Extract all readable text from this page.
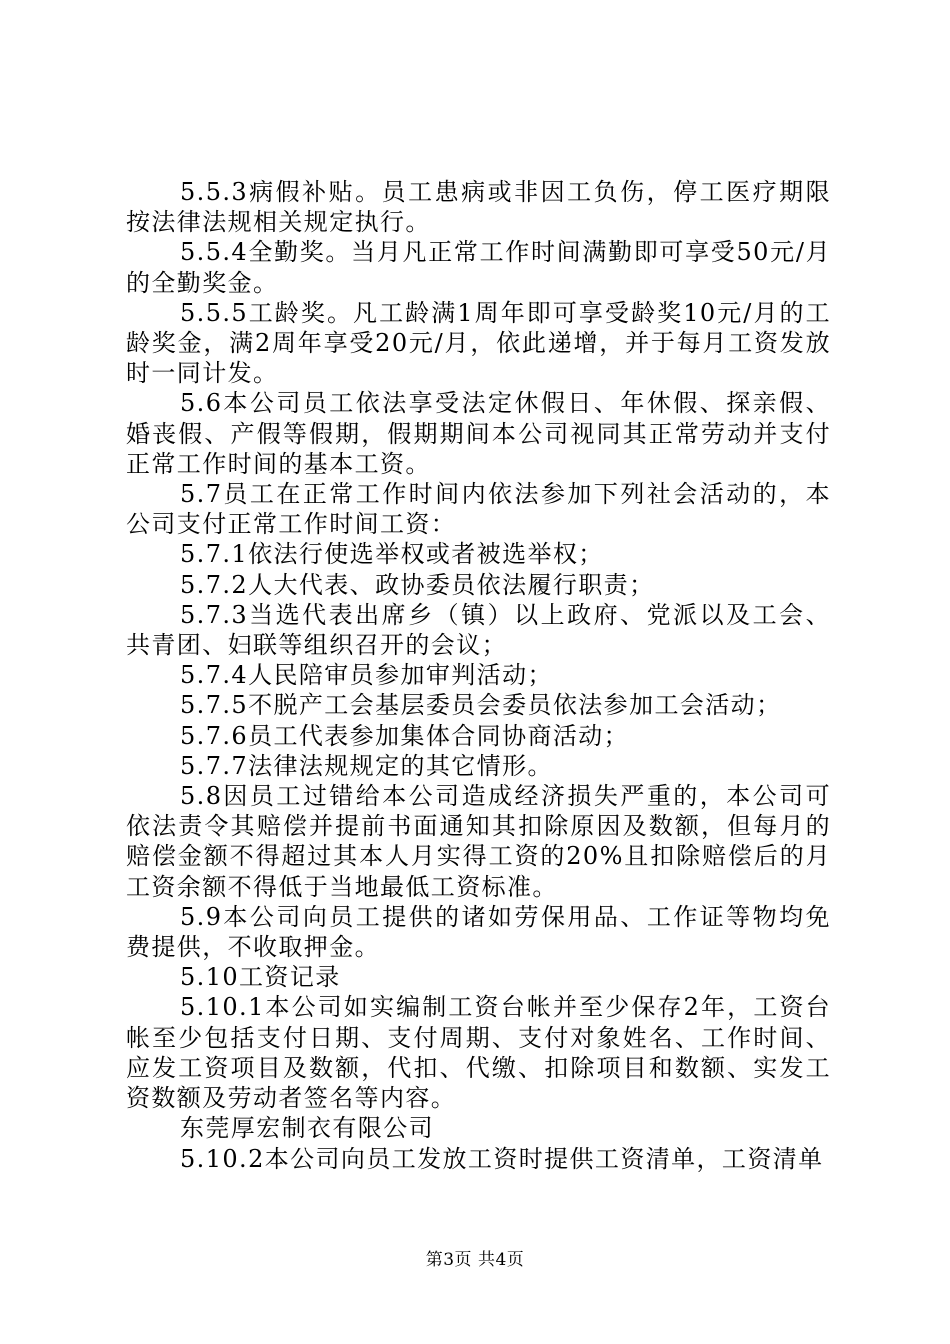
5.5.3病假补贴。员工患病或非因工负伤，停工医疗期限按法律法规相关规定执行。

5.5.4全勤奖。当月凡正常工作时间满勤即可享受50元/月的全勤奖金。

5.5.5工龄奖。凡工龄满1周年即可享受龄奖10元/月的工龄奖金，满2周年享受20元/月，依此递增，并于每月工资发放时一同计发。

5.6本公司员工依法享受法定休假日、年休假、探亲假、婚丧假、产假等假期，假期期间本公司视同其正常劳动并支付正常工作时间的基本工资。

5.7员工在正常工作时间内依法参加下列社会活动的，本公司支付正常工作时间工资：

5.7.1依法行使选举权或者被选举权；

5.7.2人大代表、政协委员依法履行职责；

5.7.3当选代表出席乡（镇）以上政府、党派以及工会、共青团、妇联等组织召开的会议；

5.7.4人民陪审员参加审判活动；

5.7.5不脱产工会基层委员会委员依法参加工会活动；

5.7.6员工代表参加集体合同协商活动；

5.7.7法律法规规定的其它情形。

5.8因员工过错给本公司造成经济损失严重的，本公司可依法责令其赔偿并提前书面通知其扣除原因及数额，但每月的赔偿金额不得超过其本人月实得工资的20%且扣除赔偿后的月工资余额不得低于当地最低工资标准。

5.9本公司向员工提供的诸如劳保用品、工作证等物均免费提供，不收取押金。

5.10工资记录

5.10.1本公司如实编制工资台帐并至少保存2年，工资台帐至少包括支付日期、支付周期、支付对象姓名、工作时间、应发工资项目及数额，代扣、代缴、扣除项目和数额、实发工资数额及劳动者签名等内容。

东莞厚宏制衣有限公司

5.10.2本公司向员工发放工资时提供工资清单，工资清单

第3页 共4页
